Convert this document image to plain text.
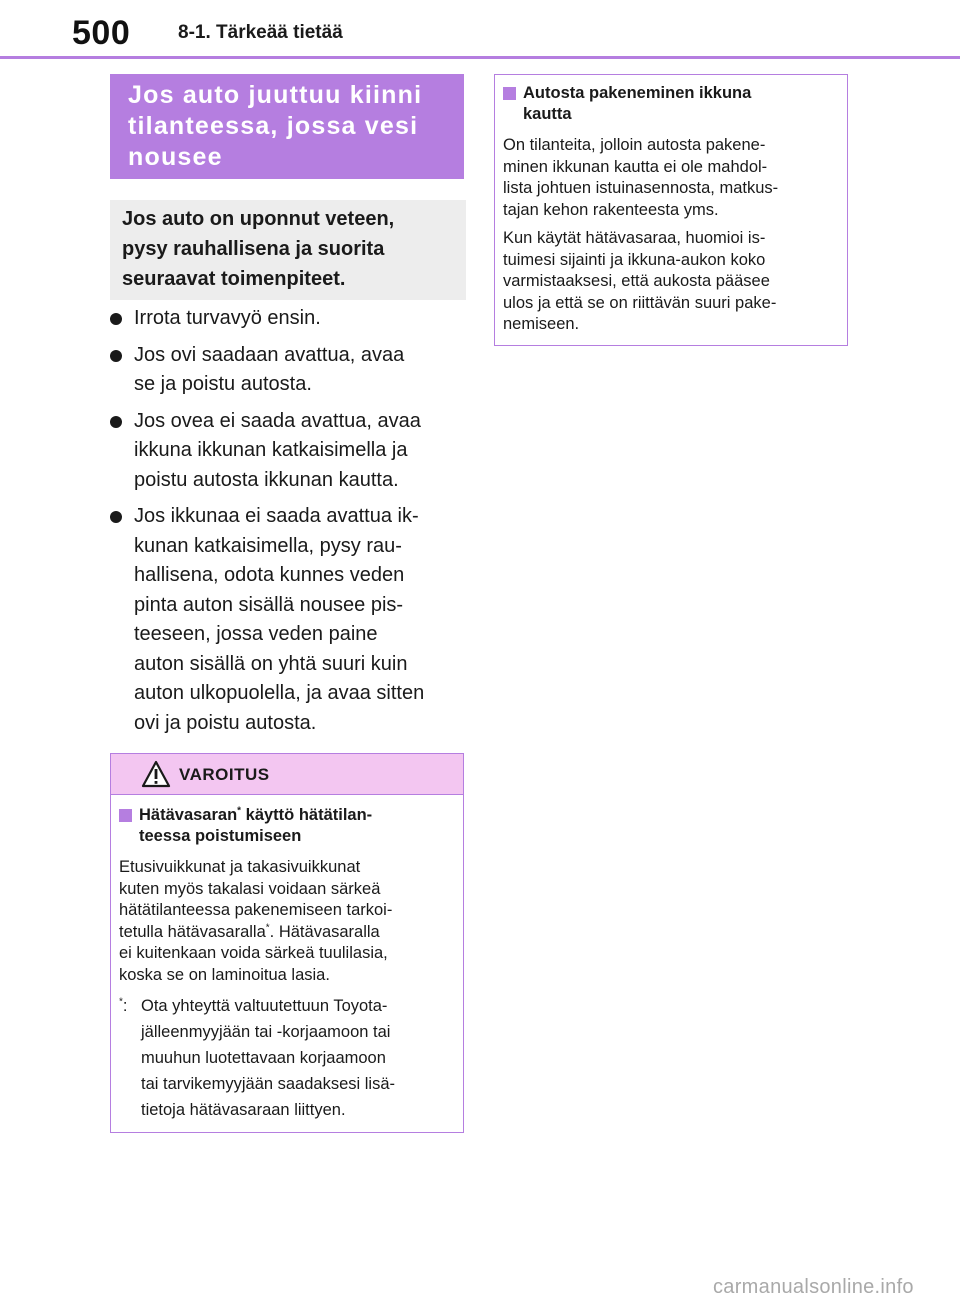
500	8-1. Tärkeää tietää
Jos auto juuttuu kiinni
tilanteessa, jossa vesi
nousee
Jos auto on uponnut veteen,
pysy rauhallisena ja suorita
seuraavat toimenpiteet.
Irrota turvavyö ensin.
Jos ovi saadaan avattua, avaa
se ja poistu autosta.
Jos ovea ei saada avattua, avaa
ikkuna ikkunan katkaisimella ja
poistu autosta ikkunan kautta.
Jos ikkunaa ei saada avattua ik-
kunan katkaisimella, pysy rau-
hallisena, odota kunnes veden
pinta auton sisällä nousee pis-
teeseen, jossa veden paine
auton sisällä on yhtä suuri kuin
auton ulkopuolella, ja avaa sitten
ovi ja poistu autosta.
VAROITUS
Hätävasaran* käyttö hätätilan-
teessa poistumiseen
Etusivuikkunat ja takasivuikkunat
kuten myös takalasi voidaan särkeä
hätätilanteessa pakenemiseen tarkoi-
tetulla hätävasaralla*. Hätävasaralla
ei kuitenkaan voida särkeä tuulilasia,
koska se on laminoitua lasia.
*: Ota yhteyttä valtuutettuun Toyota-
jälleenmyyjään tai -korjaamoon tai
muuhun luotettavaan korjaamoon
tai tarvikemyyjään saadaksesi lisä-
tietoja hätävasaraan liittyen.
Autosta pakeneminen ikkuna
kautta
On tilanteita, jolloin autosta pakene-
minen ikkunan kautta ei ole mahdol-
lista johtuen istuinasennosta, matkus-
tajan kehon rakenteesta yms.
Kun käytät hätävasaraa, huomioi is-
tuimesi sijainti ja ikkuna-aukon koko
varmistaaksesi, että aukosta pääsee
ulos ja että se on riittävän suuri pake-
nemiseen.
carmanualsonline.info
